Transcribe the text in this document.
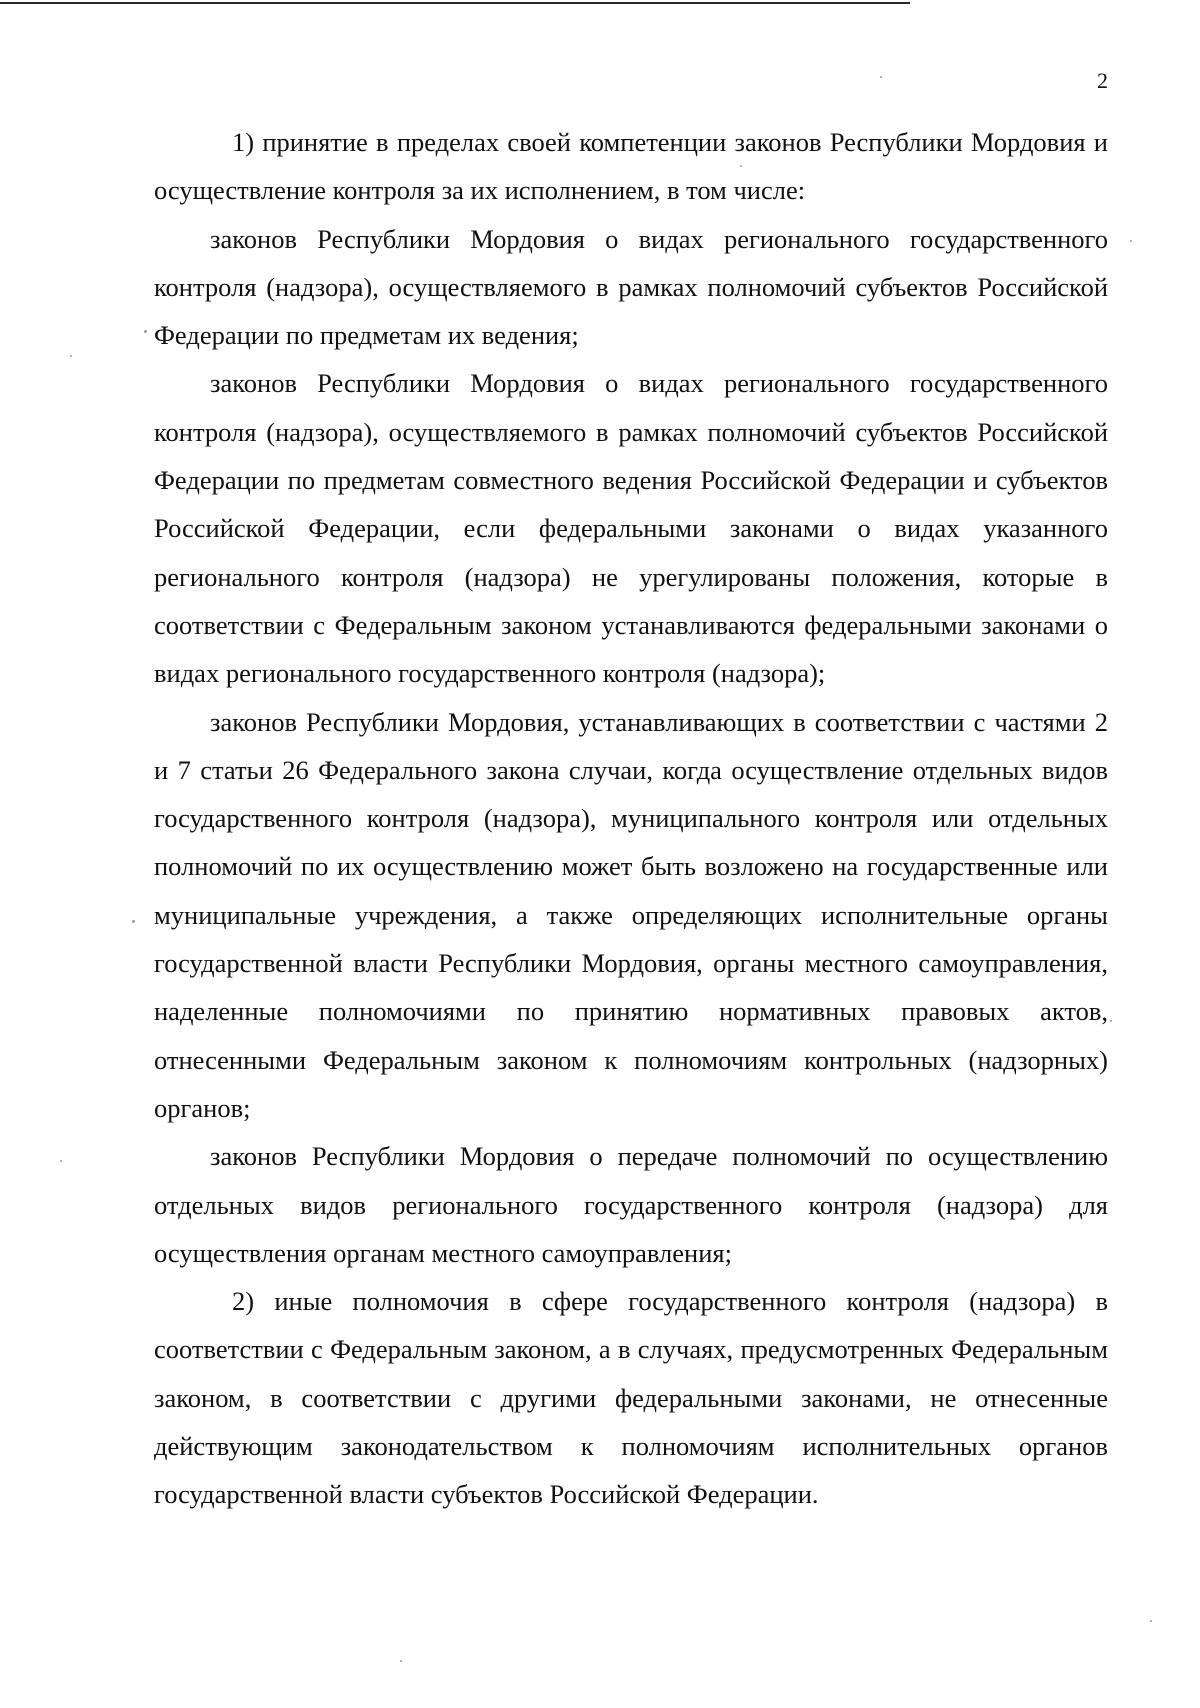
2

1) принятие в пределах своей компетенции законов Республики Мордовия и осуществление контроля за их исполнением, в том числе:

законов Республики Мордовия о видах регионального государственного контроля (надзора), осуществляемого в рамках полномочий субъектов Российской Федерации по предметам их ведения;

законов Республики Мордовия о видах регионального государственного контроля (надзора), осуществляемого в рамках полномочий субъектов Российской Федерации по предметам совместного ведения Российской Федерации и субъектов Российской Федерации, если федеральными законами о видах указанного регионального контроля (надзора) не урегулированы положения, которые в соответствии с Федеральным законом устанавливаются федеральными законами о видах регионального государственного контроля (надзора);

законов Республики Мордовия, устанавливающих в соответствии с частями 2 и 7 статьи 26 Федерального закона случаи, когда осуществление отдельных видов государственного контроля (надзора), муниципального контроля или отдельных полномочий по их осуществлению может быть возложено на государственные или муниципальные учреждения, а также определяющих исполнительные органы государственной власти Республики Мордовия, органы местного самоуправления, наделенные полномочиями по принятию нормативных правовых актов, отнесенными Федеральным законом к полномочиям контрольных (надзорных) органов;

законов Республики Мордовия о передаче полномочий по осуществлению отдельных видов регионального государственного контроля (надзора) для осуществления органам местного самоуправления;

2) иные полномочия в сфере государственного контроля (надзора) в соответствии с Федеральным законом, а в случаях, предусмотренных Федеральным законом, в соответствии с другими федеральными законами, не отнесенные действующим законодательством к полномочиям исполнительных органов государственной власти субъектов Российской Федерации.
